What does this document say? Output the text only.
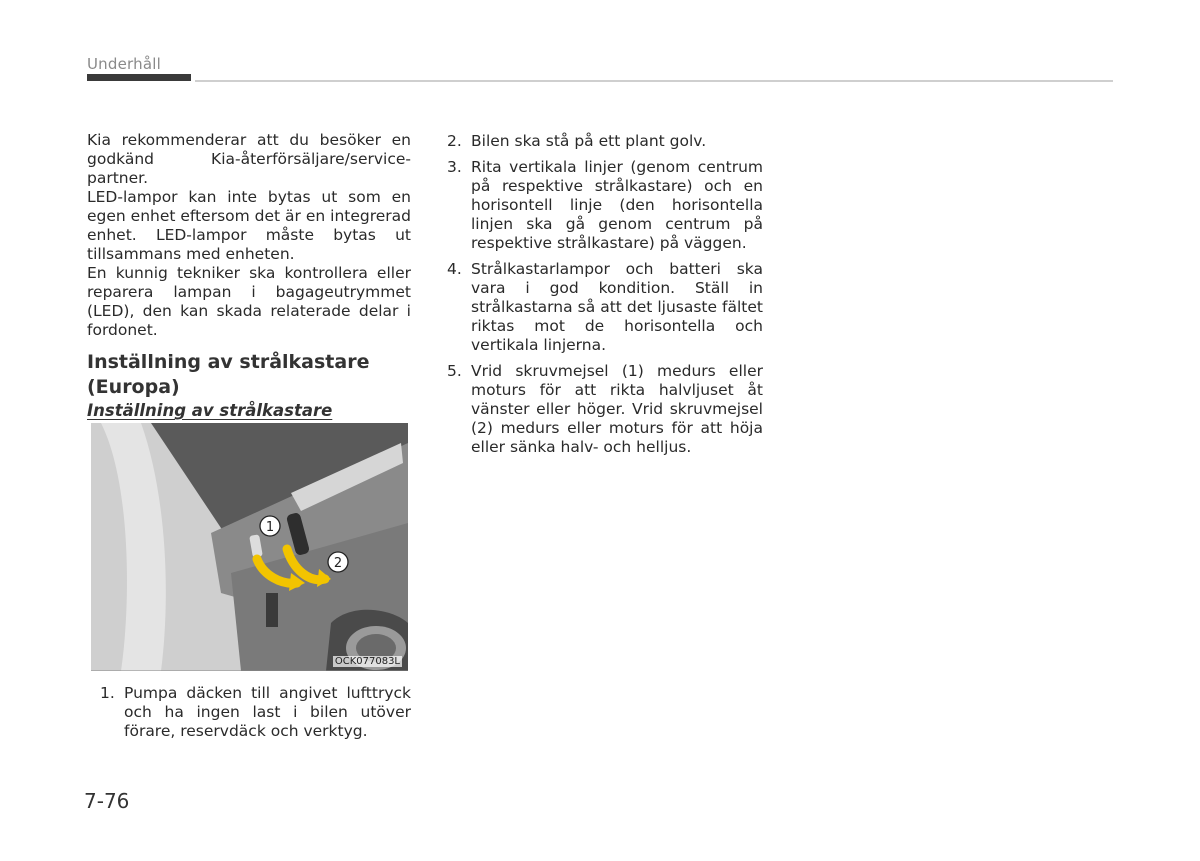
Underhåll

Kia rekommenderar att du besöker en godkänd Kia-återförsäljare/service-partner.

LED-lampor kan inte bytas ut som en egen enhet eftersom det är en integrerad enhet. LED-lampor måste bytas ut tillsammans med enheten.

En kunnig tekniker ska kontrollera eller reparera lampan i bagageutrymmet (LED), den kan skada relaterade delar i fordonet.

Inställning av strålkastare (Europa)
Inställning av strålkastare
1
2
OCK077083L
1. Pumpa däcken till angivet lufttryck och ha ingen last i bilen utöver förare, reservdäck och verktyg.
2. Bilen ska stå på ett plant golv.
3. Rita vertikala linjer (genom centrum på respektive strålkastare) och en horisontell linje (den horisontella linjen ska gå genom centrum på respektive strålkastare) på väggen.
4. Strålkastarlampor och batteri ska vara i god kondition. Ställ in strålkastarna så att det ljusaste fältet riktas mot de horisontella och vertikala linjerna.
5. Vrid skruvmejsel (1) medurs eller moturs för att rikta halvljuset åt vänster eller höger. Vrid skruvmejsel (2) medurs eller moturs för att höja eller sänka halv- och helljus.
7-76
